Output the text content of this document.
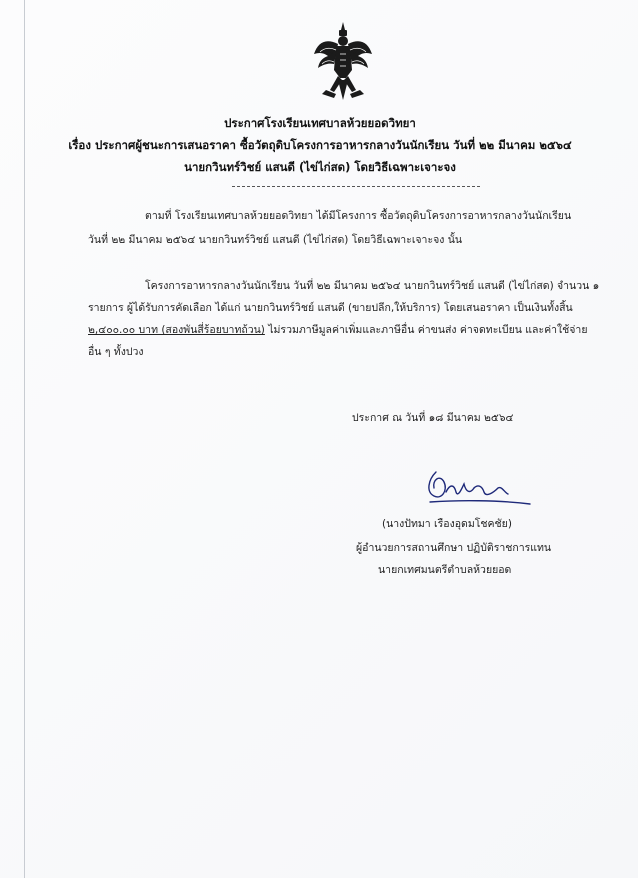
ประกาศโรงเรียนเทศบาลห้วยยอดวิทยา
เรื่อง ประกาศผู้ชนะการเสนอราคา ซื้อวัตถุดิบโครงการอาหารกลางวันนักเรียน วันที่ ๒๒ มีนาคม ๒๕๖๔
นายกวินทร์วิชย์ แสนดี (ไข่ไก่สด) โดยวิธีเฉพาะเจาะจง
ตามที่ โรงเรียนเทศบาลห้วยยอดวิทยา ได้มีโครงการ ซื้อวัตถุดิบโครงการอาหารกลางวันนักเรียน
วันที่ ๒๒ มีนาคม ๒๕๖๔ นายกวินทร์วิชย์ แสนดี (ไข่ไก่สด) โดยวิธีเฉพาะเจาะจง นั้น
โครงการอาหารกลางวันนักเรียน วันที่ ๒๒ มีนาคม ๒๕๖๔ นายกวินทร์วิชย์ แสนดี (ไข่ไก่สด) จำนวน ๑
รายการ ผู้ได้รับการคัดเลือก ได้แก่ นายกวินทร์วิชย์ แสนดี (ขายปลีก,ให้บริการ) โดยเสนอราคา เป็นเงินทั้งสิ้น
๒,๔๐๐.๐๐ บาท (สองพันสี่ร้อยบาทถ้วน) ไม่รวมภาษีมูลค่าเพิ่มและภาษีอื่น ค่าขนส่ง ค่าจดทะเบียน และค่าใช้จ่าย
อื่น ๆ ทั้งปวง
ประกาศ ณ วันที่ ๑๘ มีนาคม ๒๕๖๔
(นางปัทมา เรืองอุดมโชคชัย)
ผู้อำนวยการสถานศึกษา ปฏิบัติราชการแทน
นายกเทศมนตรีตำบลห้วยยอด
